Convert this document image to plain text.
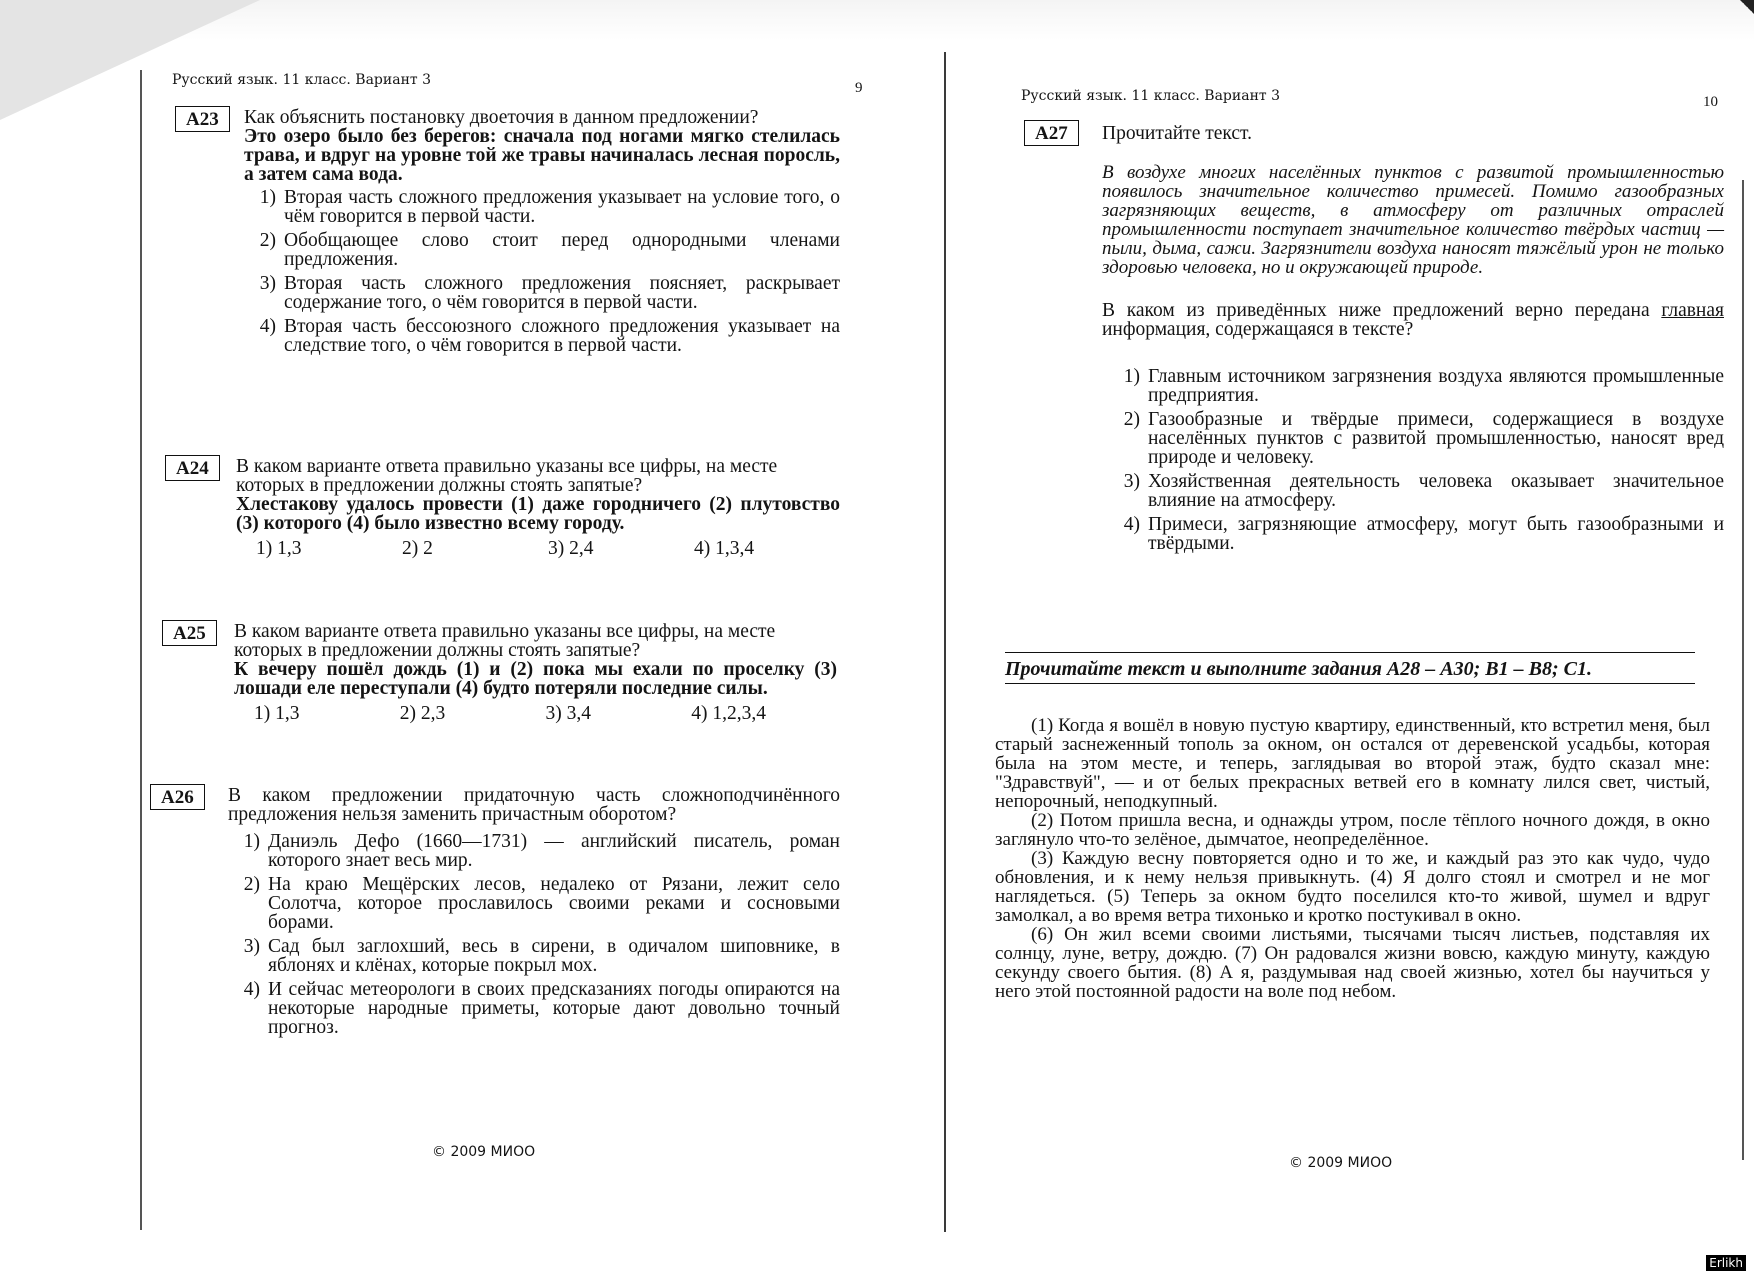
Русский язык. 11 класс. Вариант 3	9
A23	Как объяснить постановку двоеточия в данном предложении?

Это озеро было без берегов: сначала под ногами мягко стелилась трава, и вдруг на уровне той же травы начиналась лесная поросль, а затем сама вода.

1) Вторая часть сложного предложения указывает на условие того, о чём говорится в первой части.
2) Обобщающее слово стоит перед однородными членами предложения.
3) Вторая часть сложного предложения поясняет, раскрывает содержание того, о чём говорится в первой части.
4) Вторая часть бессоюзного сложного предложения указывает на следствие того, о чём говорится в первой части.
A24	В каком варианте ответа правильно указаны все цифры, на месте которых в предложении должны стоять запятые?

Хлестакову удалось провести (1) даже городничего (2) плутовство (3) которого (4) было известно всему городу.

1) 1,3	2) 2	3) 2,4	4) 1,3,4
A25	В каком варианте ответа правильно указаны все цифры, на месте которых в предложении должны стоять запятые?

К вечеру пошёл дождь (1) и (2) пока мы ехали по проселку (3) лошади еле переступали (4) будто потеряли последние силы.

1) 1,3	2) 2,3	3) 3,4	4) 1,2,3,4
A26	В каком предложении придаточную часть сложноподчинённого предложения нельзя заменить причастным оборотом?

1) Даниэль Дефо (1660—1731) — английский писатель, роман которого знает весь мир.
2) На краю Мещёрских лесов, недалеко от Рязани, лежит село Солотча, которое прославилось своими реками и сосновыми борами.
3) Сад был заглохший, весь в сирени, в одичалом шиповнике, в яблонях и клёнах, которые покрыл мох.
4) И сейчас метеорологи в своих предсказаниях погоды опираются на некоторые народные приметы, которые дают довольно точный прогноз.
© 2009 МИОО
Русский язык. 11 класс. Вариант 3	10
A27	Прочитайте текст.

В воздухе многих населённых пунктов с развитой промышленностью появилось значительное количество примесей. Помимо газообразных загрязняющих веществ, в атмосферу от различных отраслей промышленности поступает значительное количество твёрдых частиц — пыли, дыма, сажи. Загрязнители воздуха наносят тяжёлый урон не только здоровью человека, но и окружающей природе.

В каком из приведённых ниже предложений верно передана главная информация, содержащаяся в тексте?

1) Главным источником загрязнения воздуха являются промышленные предприятия.
2) Газообразные и твёрдые примеси, содержащиеся в воздухе населённых пунктов с развитой промышленностью, наносят вред природе и человеку.
3) Хозяйственная деятельность человека оказывает значительное влияние на атмосферу.
4) Примеси, загрязняющие атмосферу, могут быть газообразными и твёрдыми.
Прочитайте текст и выполните задания А28 – А30; В1 – В8; С1.

(1) Когда я вошёл в новую пустую квартиру, единственный, кто встретил меня, был старый заснеженный тополь за окном, он остался от деревенской усадьбы, которая была на этом месте, и теперь, заглядывая во второй этаж, будто сказал мне: "Здравствуй", — и от белых прекрасных ветвей его в комнату лился свет, чистый, непорочный, неподкупный.

(2) Потом пришла весна, и однажды утром, после тёплого ночного дождя, в окно заглянуло что-то зелёное, дымчатое, неопределённое.

(3) Каждую весну повторяется одно и то же, и каждый раз это как чудо, чудо обновления, и к нему нельзя привыкнуть. (4) Я долго стоял и смотрел и не мог наглядеться. (5) Теперь за окном будто поселился кто-то живой, шумел и вдруг замолкал, а во время ветра тихонько и кротко постукивал в окно.

(6) Он жил всеми своими листьями, тысячами тысяч листьев, подставляя их солнцу, луне, ветру, дождю. (7) Он радовался жизни вовсю, каждую минуту, каждую секунду своего бытия. (8) А я, раздумывая над своей жизнью, хотел бы научиться у него этой постоянной радости на воле под небом.

© 2009 МИОО
Erlikh
